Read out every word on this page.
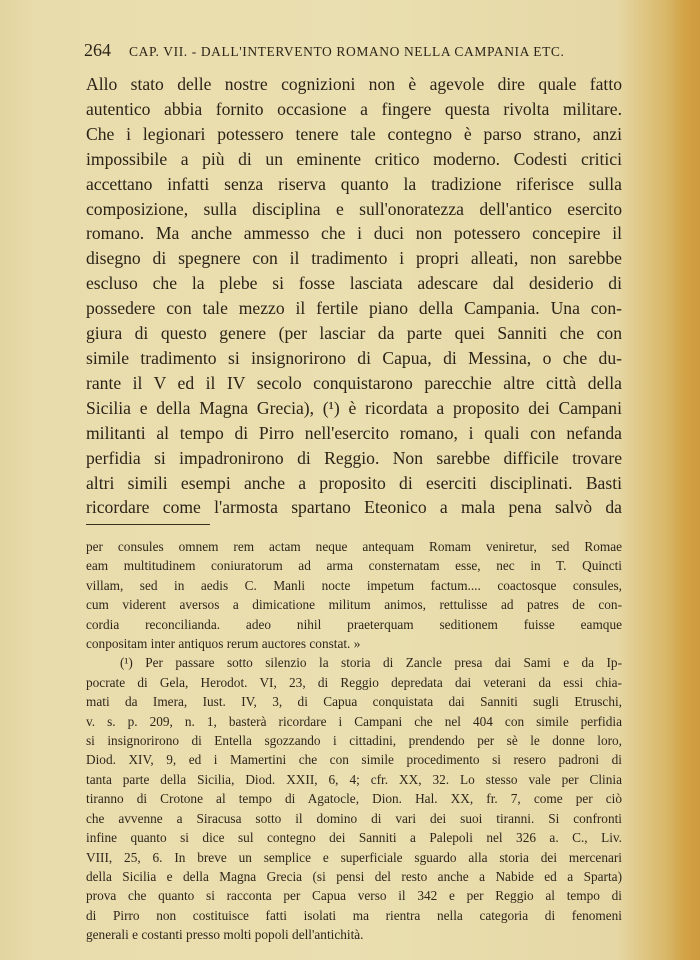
264 CAP. VII. - DALL'INTERVENTO ROMANO NELLA CAMPANIA ETC.
Allo stato delle nostre cognizioni non è agevole dire quale fatto
autentico abbia fornito occasione a fingere questa rivolta militare.
Che i legionari potessero tenere tale contegno è parso strano, anzi
impossibile a più di un eminente critico moderno. Codesti critici
accettano infatti senza riserva quanto la tradizione riferisce sulla
composizione, sulla disciplina e sull'onoratezza dell'antico esercito
romano. Ma anche ammesso che i duci non potessero concepire il
disegno di spegnere con il tradimento i propri alleati, non sarebbe
escluso che la plebe si fosse lasciata adescare dal desiderio di
possedere con tale mezzo il fertile piano della Campania. Una con-
giura di questo genere (per lasciar da parte quei Sanniti che con
simile tradimento si insignorirono di Capua, di Messina, o che du-
rante il V ed il IV secolo conquistarono parecchie altre città della
Sicilia e della Magna Grecia), (¹) è ricordata a proposito dei Campani
militanti al tempo di Pirro nell'esercito romano, i quali con nefanda
perfidia si impadronirono di Reggio. Non sarebbe difficile trovare
altri simili esempi anche a proposito di eserciti disciplinati. Basti
ricordare come l'armosta spartano Eteonico a mala pena salvò da
per consules omnem rem actam neque antequam Romam veniretur, sed Romae
eam multitudinem coniuratorum ad arma consternatam esse, nec in T. Quincti
villam, sed in aedis C. Manli nocte impetum factum.... coactosque consules,
cum viderent aversos a dimicatione militum animos, rettulisse ad patres de con-
cordia reconcilianda. adeo nihil praeterquam seditionem fuisse eamque
conpositam inter antiquos rerum auctores constat. »
(¹) Per passare sotto silenzio la storia di Zancle presa dai Sami e da Ip-
pocrate di Gela, Herodot. VI, 23, di Reggio depredata dai veterani da essi chia-
mati da Imera, Iust. IV, 3, di Capua conquistata dai Sanniti sugli Etruschi,
v. s. p. 209, n. 1, basterà ricordare i Campani che nel 404 con simile perfidia
si insignorirono di Entella sgozzando i cittadini, prendendo per sè le donne loro,
Diod. XIV, 9, ed i Mamertini che con simile procedimento si resero padroni di
tanta parte della Sicilia, Diod. XXII, 6, 4; cfr. XX, 32. Lo stesso vale per Clinia
tiranno di Crotone al tempo di Agatocle, Dion. Hal. XX, fr. 7, come per ciò
che avvenne a Siracusa sotto il domino di vari dei suoi tiranni. Si confronti
infine quanto si dice sul contegno dei Sanniti a Palepoli nel 326 a. C., Liv.
VIII, 25, 6. In breve un semplice e superficiale sguardo alla storia dei mercenari
della Sicilia e della Magna Grecia (si pensi del resto anche a Nabide ed a Sparta)
prova che quanto si racconta per Capua verso il 342 e per Reggio al tempo di
di Pirro non costituisce fatti isolati ma rientra nella categoria di fenomeni
generali e costanti presso molti popoli dell'antichità.
